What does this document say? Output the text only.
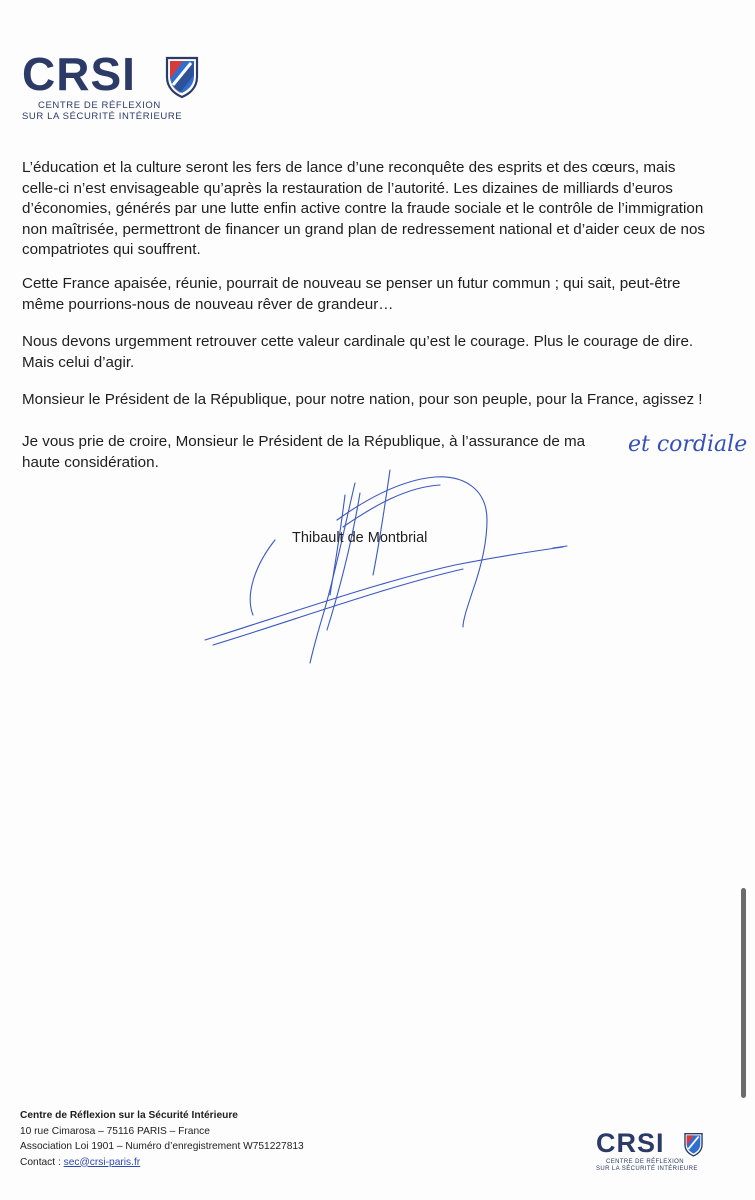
CRSI
CENTRE DE RÉFLEXION
SUR LA SÉCURITÉ INTÉRIEURE
L’éducation et la culture seront les fers de lance d’une reconquête des esprits et des cœurs, mais celle-ci n’est envisageable qu’après la restauration de l’autorité. Les dizaines de milliards d’euros d’économies, générés par une lutte enfin active contre la fraude sociale et le contrôle de l’immigration non maîtrisée, permettront de financer un grand plan de redressement national et d’aider ceux de nos compatriotes qui souffrent.
Cette France apaisée, réunie, pourrait de nouveau se penser un futur commun ; qui sait, peut-être même pourrions-nous de nouveau rêver de grandeur…
Nous devons urgemment retrouver cette valeur cardinale qu’est le courage. Plus le courage de dire. Mais celui d’agir.
Monsieur le Président de la République, pour notre nation, pour son peuple, pour la France, agissez !
Je vous prie de croire, Monsieur le Président de la République, à l’assurance de ma haute considération.
et cordiale
Thibault de Montbrial
Centre de Réflexion sur la Sécurité Intérieure
10 rue Cimarosa – 75116 PARIS – France
Association Loi 1901 – Numéro d’enregistrement W751227813
Contact : sec@crsi-paris.fr
CRSI
CENTRE DE RÉFLEXION
SUR LA SÉCURITÉ INTÉRIEURE
